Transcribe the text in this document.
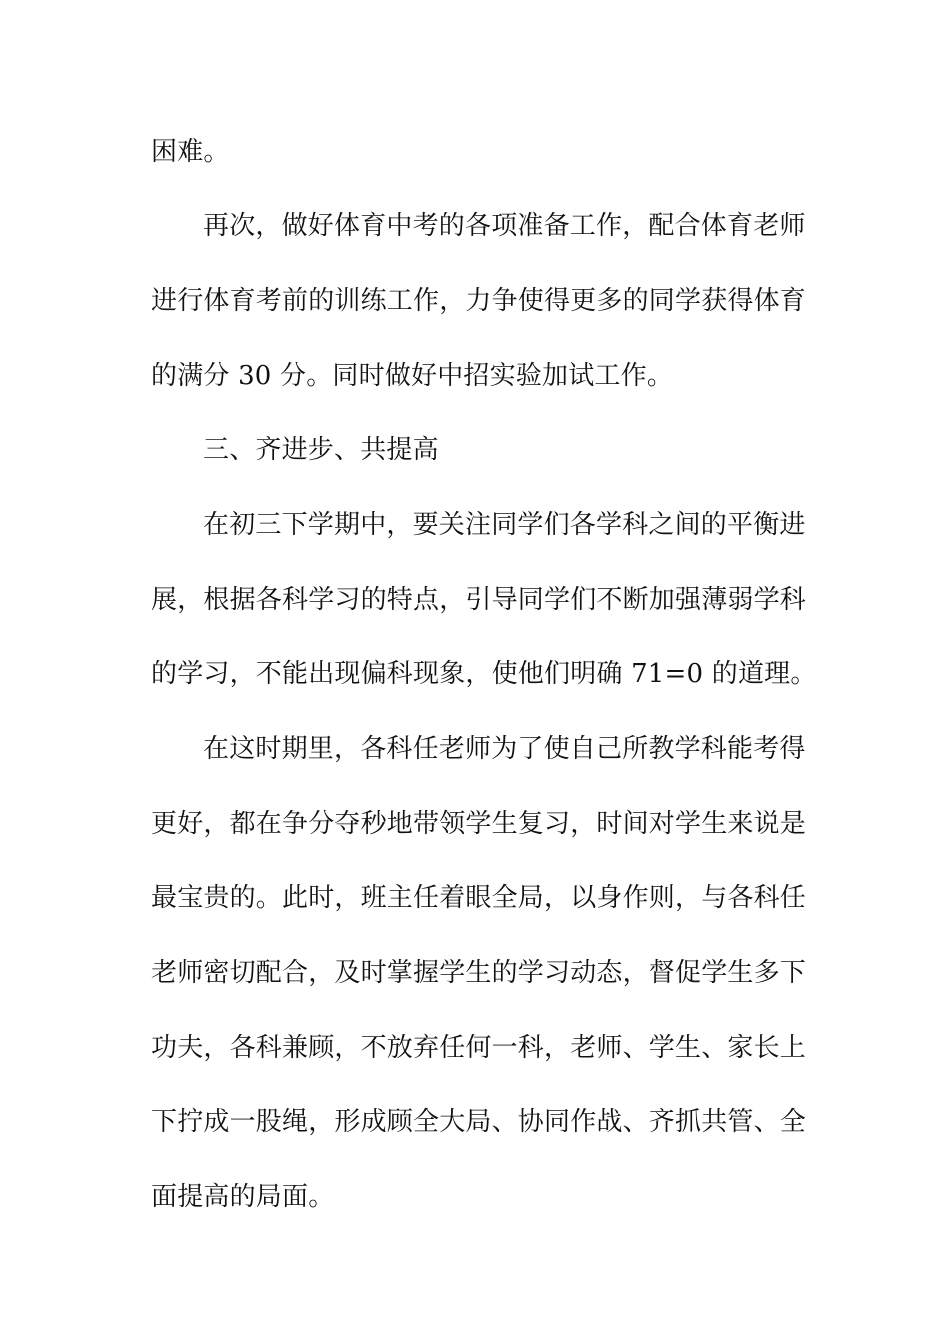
困难。
再次，做好体育中考的各项准备工作，配合体育老师
进行体育考前的训练工作，力争使得更多的同学获得体育
的满分 30 分。同时做好中招实验加试工作。
三、齐进步、共提高
在初三下学期中，要关注同学们各学科之间的平衡进
展，根据各科学习的特点，引导同学们不断加强薄弱学科
的学习，不能出现偏科现象，使他们明确 71=0 的道理。
在这时期里，各科任老师为了使自己所教学科能考得
更好，都在争分夺秒地带领学生复习，时间对学生来说是
最宝贵的。此时，班主任着眼全局，以身作则，与各科任
老师密切配合，及时掌握学生的学习动态，督促学生多下
功夫，各科兼顾，不放弃任何一科，老师、学生、家长上
下拧成一股绳，形成顾全大局、协同作战、齐抓共管、全
面提高的局面。
